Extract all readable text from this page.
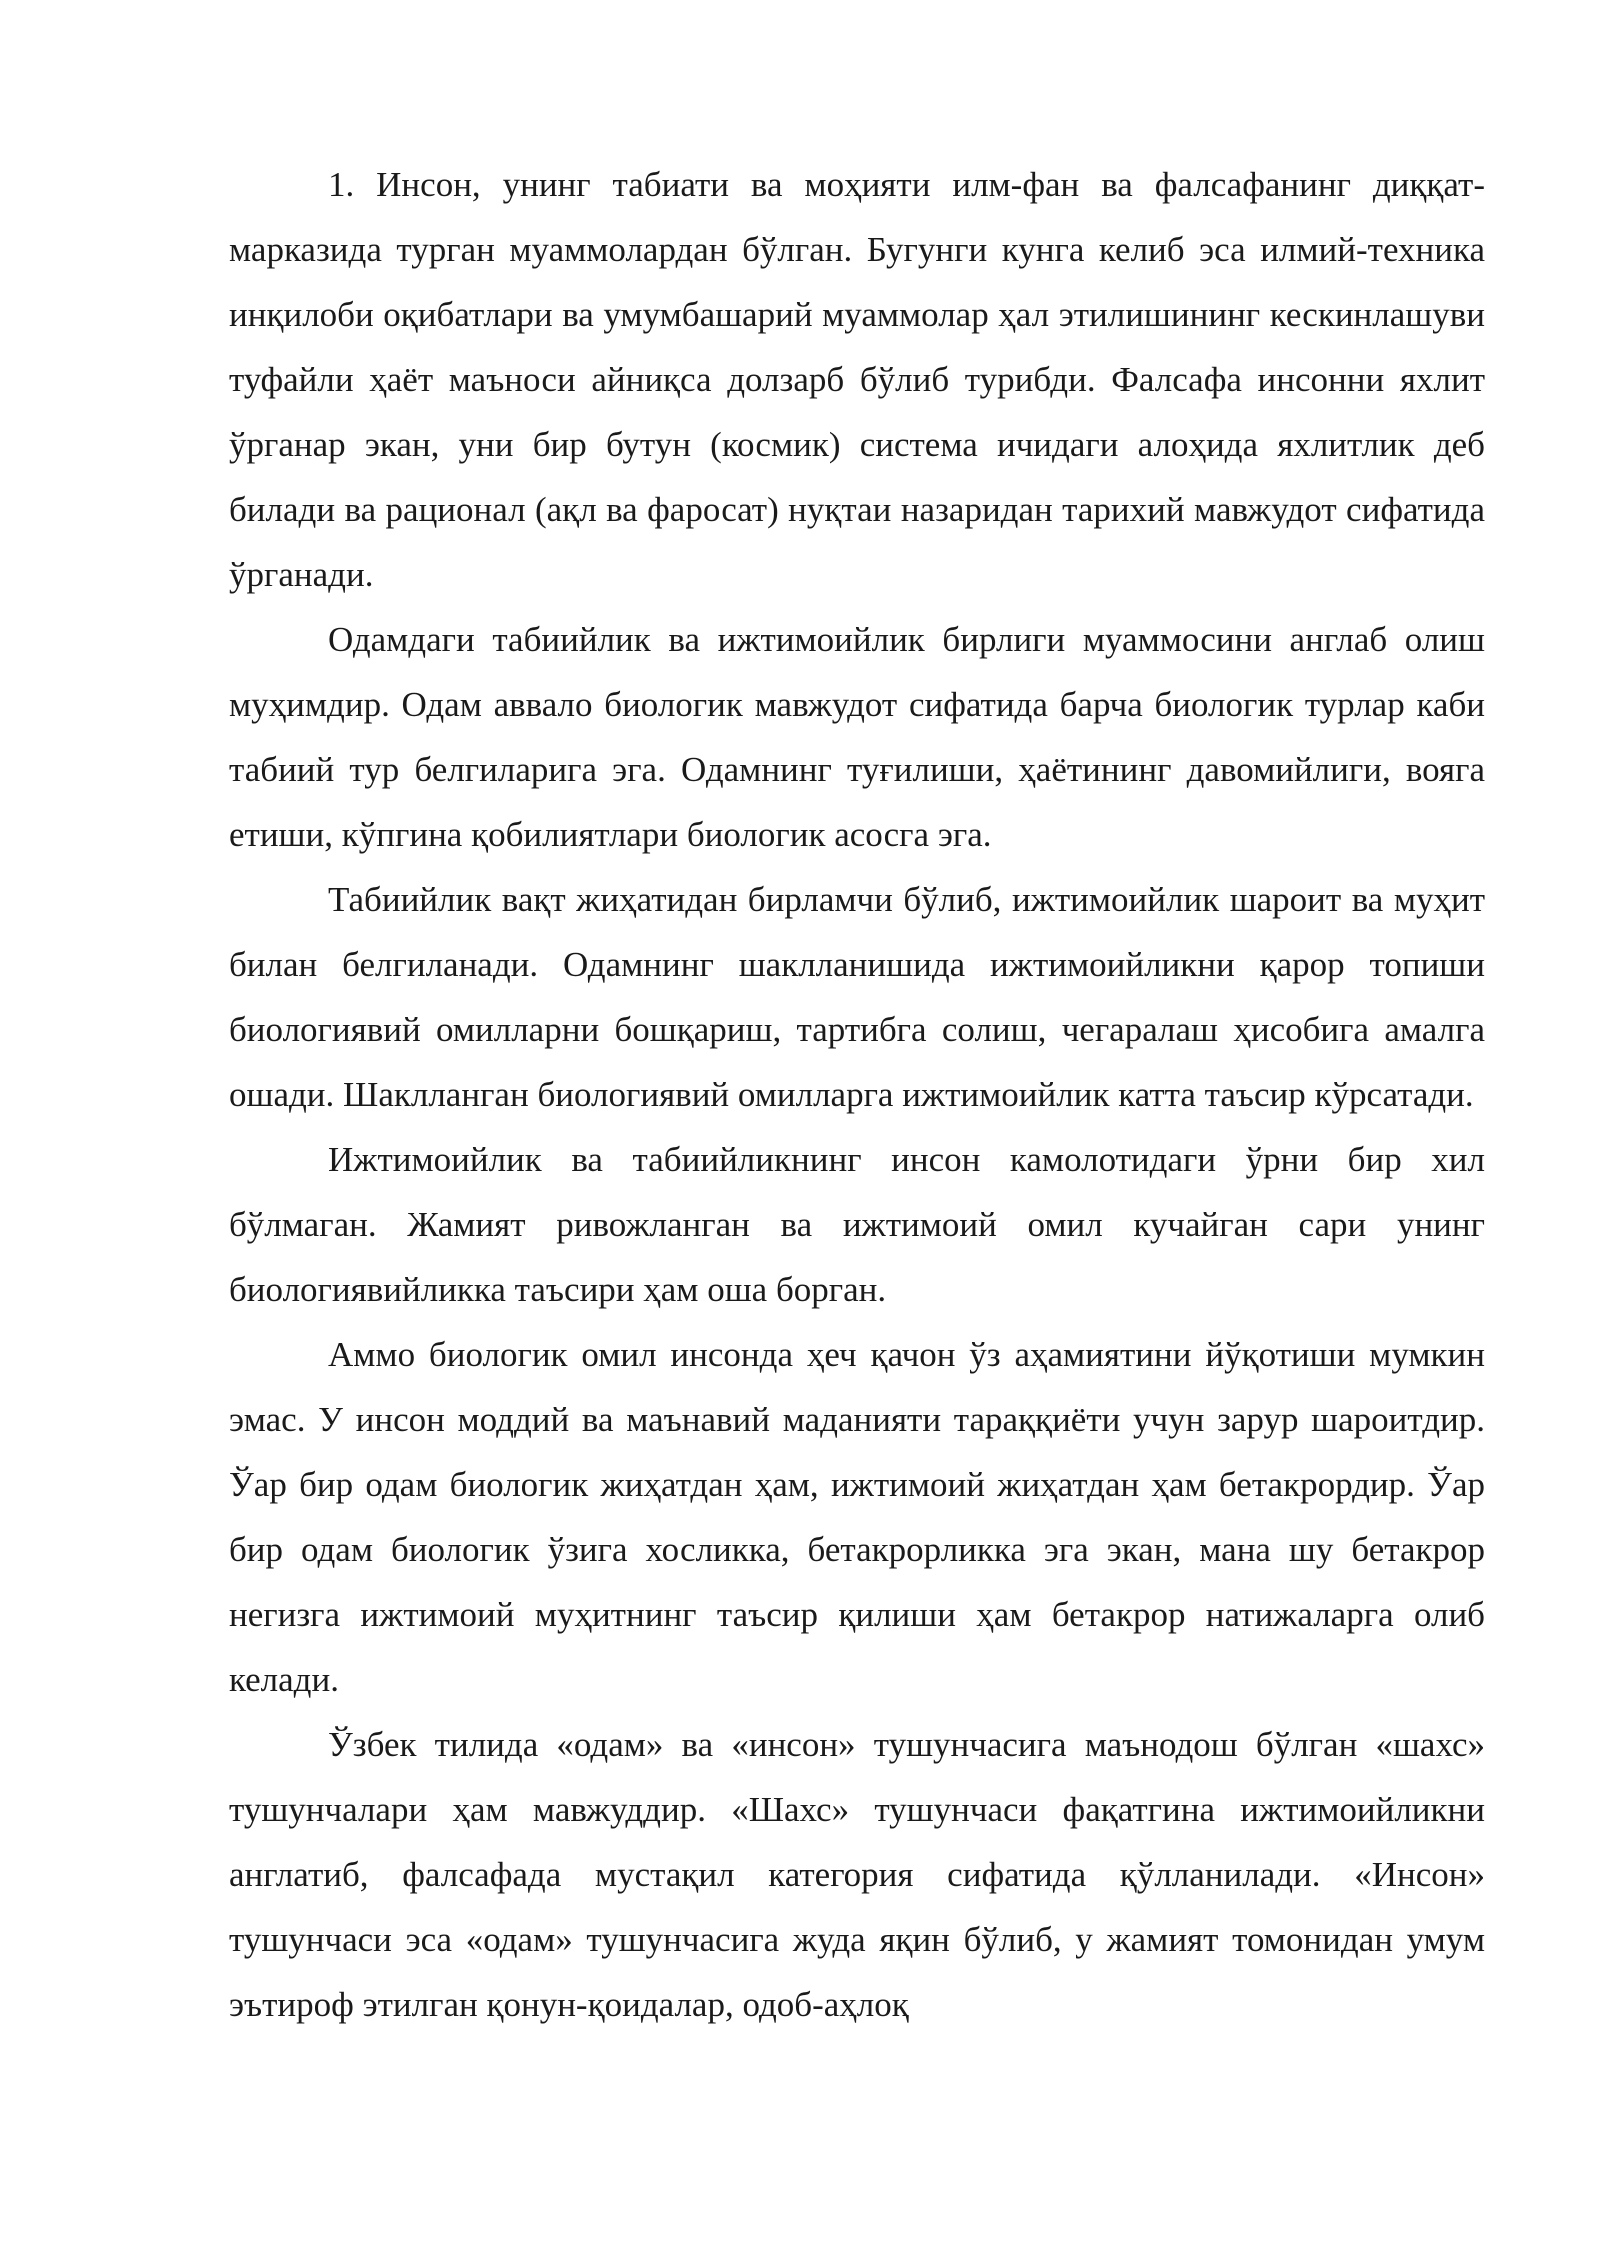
1. Инсон, унинг табиати ва моҳияти илм-фан ва фалсафанинг диққат-марказида турган муаммолардан бўлган. Бугунги кунга келиб эса илмий-техника инқилоби оқибатлари ва умумбашарий муаммолар ҳал этилишининг кескинлашуви туфайли ҳаёт маъноси айниқса долзарб бўлиб турибди. Фалсафа инсонни яхлит ўрганар экан, уни бир бутун (космик) система ичидаги алоҳида яхлитлик деб билади ва рационал (ақл ва фаросат) нуқтаи назаридан тарихий мавжудот сифатида ўрганади.

Одамдаги табиийлик ва ижтимоийлик бирлиги муаммосини англаб олиш муҳимдир. Одам аввало биологик мавжудот сифатида барча биологик турлар каби табиий тур белгиларига эга. Одамнинг туғилиши, ҳаётининг давомийлиги, вояга етиши, кўпгина қобилиятлари биологик асосга эга.

Табиийлик вақт жиҳатидан бирламчи бўлиб, ижтимоийлик шароит ва муҳит билан белгиланади. Одамнинг шаклланишида ижтимоийликни қарор топиши биологиявий омилларни бошқариш, тартибга солиш, чегаралаш ҳисобига амалга ошади. Шаклланган биологиявий омилларга ижтимоийлик катта таъсир кўрсатади.

Ижтимоийлик ва табиийликнинг инсон камолотидаги ўрни бир хил бўлмаган. Жамият ривожланган ва ижтимоий омил кучайган сари унинг биологиявийликка таъсири ҳам оша борган.

Аммо биологик омил инсонда ҳеч қачон ўз аҳамиятини йўқотиши мумкин эмас. У инсон моддий ва маънавий маданияти тараққиёти учун зарур шароитдир. Ўар бир одам биологик жиҳатдан ҳам, ижтимоий жиҳатдан ҳам бетакрордир. Ўар бир одам биологик ўзига хосликка, бетакрорликка эга экан, мана шу бетакрор негизга ижтимоий муҳитнинг таъсир қилиши ҳам бетакрор натижаларга олиб келади.

Ўзбек тилида «одам» ва «инсон» тушунчасига маънодош бўлган «шахс» тушунчалари ҳам мавжуддир. «Шахс» тушунчаси фақатгина ижтимоийликни англатиб, фалсафада мустақил категория сифатида қўлланилади. «Инсон» тушунчаси эса «одам» тушунчасига жуда яқин бўлиб, у жамият томонидан умум эътироф этилган қонун-қоидалар, одоб-аҳлоқ
